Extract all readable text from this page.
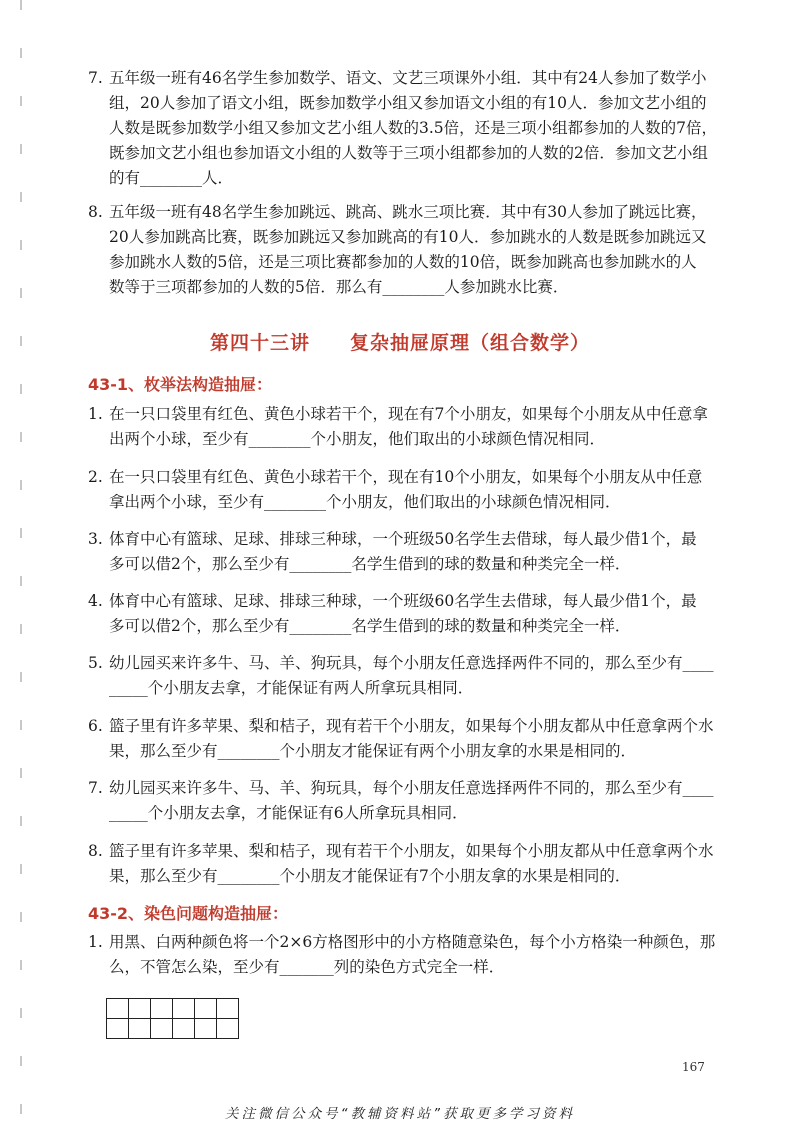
7. 五年级一班有46名学生参加数学、语文、文艺三项课外小组．其中有24人参加了数学小
组，20人参加了语文小组，既参加数学小组又参加语文小组的有10人．参加文艺小组的
人数是既参加数学小组又参加文艺小组人数的3.5倍，还是三项小组都参加的人数的7倍，
既参加文艺小组也参加语文小组的人数等于三项小组都参加的人数的2倍．参加文艺小组
的有________人．
8. 五年级一班有48名学生参加跳远、跳高、跳水三项比赛．其中有30人参加了跳远比赛，
20人参加跳高比赛，既参加跳远又参加跳高的有10人．参加跳水的人数是既参加跳远又
参加跳水人数的5倍，还是三项比赛都参加的人数的10倍，既参加跳高也参加跳水的人
数等于三项都参加的人数的5倍．那么有________人参加跳水比赛．
第四十三讲　　复杂抽屉原理（组合数学）
43-1、枚举法构造抽屉：
1. 在一只口袋里有红色、黄色小球若干个，现在有7个小朋友，如果每个小朋友从中任意拿
出两个小球，至少有________个小朋友，他们取出的小球颜色情况相同．
2. 在一只口袋里有红色、黄色小球若干个，现在有10个小朋友，如果每个小朋友从中任意
拿出两个小球，至少有________个小朋友，他们取出的小球颜色情况相同．
3. 体育中心有篮球、足球、排球三种球，一个班级50名学生去借球，每人最少借1个，最
多可以借2个，那么至少有________名学生借到的球的数量和种类完全一样．
4. 体育中心有篮球、足球、排球三种球，一个班级60名学生去借球，每人最少借1个，最
多可以借2个，那么至少有________名学生借到的球的数量和种类完全一样．
5. 幼儿园买来许多牛、马、羊、狗玩具，每个小朋友任意选择两件不同的，那么至少有____
_____个小朋友去拿，才能保证有两人所拿玩具相同．
6. 篮子里有许多苹果、梨和桔子，现有若干个小朋友，如果每个小朋友都从中任意拿两个水
果，那么至少有________个小朋友才能保证有两个小朋友拿的水果是相同的．
7. 幼儿园买来许多牛、马、羊、狗玩具，每个小朋友任意选择两件不同的，那么至少有____
_____个小朋友去拿，才能保证有6人所拿玩具相同．
8. 篮子里有许多苹果、梨和桔子，现有若干个小朋友，如果每个小朋友都从中任意拿两个水
果，那么至少有________个小朋友才能保证有7个小朋友拿的水果是相同的．
43-2、染色问题构造抽屉：
1. 用黑、白两种颜色将一个2×6方格图形中的小方格随意染色，每个小方格染一种颜色，那
么，不管怎么染，至少有_______列的染色方式完全一样．
167
关注微信公众号“教辅资料站”获取更多学习资料
